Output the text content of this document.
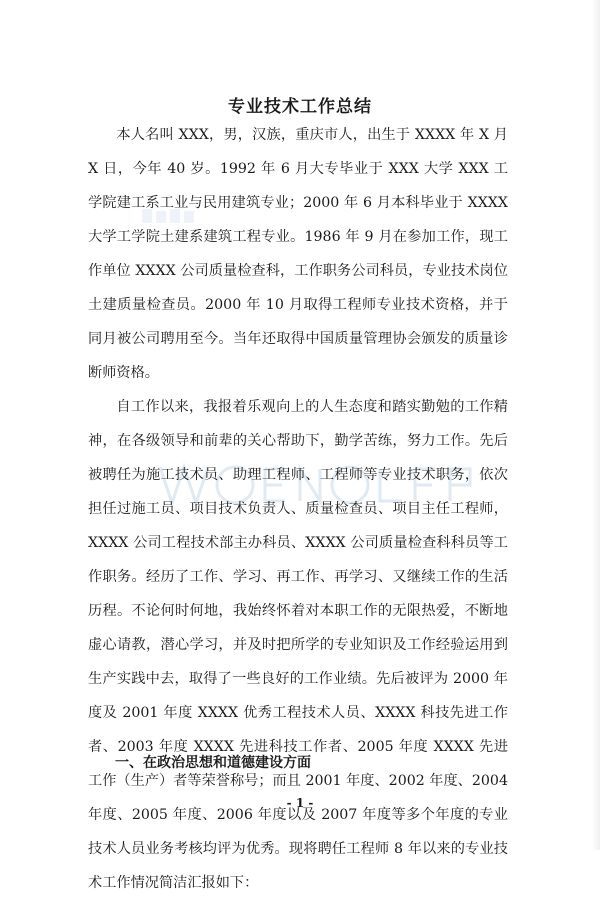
专业技术工作总结

本人名叫 XXX，男，汉族，重庆市人，出生于 XXXX 年 X 月 X 日，今年 40 岁。1992 年 6 月大专毕业于 XXX 大学 XXX 工学院建工系工业与民用建筑专业；2000 年 6 月本科毕业于 XXXX 大学工学院土建系建筑工程专业。1986 年 9 月在参加工作，现工作单位 XXXX 公司质量检查科，工作职务公司科员，专业技术岗位土建质量检查员。2000 年 10 月取得工程师专业技术资格，并于同月被公司聘用至今。当年还取得中国质量管理协会颁发的质量诊断师资格。

自工作以来，我报着乐观向上的人生态度和踏实勤勉的工作精神，在各级领导和前辈的关心帮助下，勤学苦练，努力工作。先后被聘任为施工技术员、助理工程师、工程师等专业技术职务，依次担任过施工员、项目技术负责人、质量检查员、项目主任工程师，XXXX 公司工程技术部主办科员、XXXX 公司质量检查科科员等工作职务。经历了工作、学习、再工作、再学习、又继续工作的生活历程。不论何时何地，我始终怀着对本职工作的无限热爱，不断地虚心请教，潜心学习，并及时把所学的专业知识及工作经验运用到生产实践中去，取得了一些良好的工作业绩。先后被评为 2000 年度及 2001 年度 XXXX 优秀工程技术人员、XXXX 科技先进工作者、2003 年度 XXXX 先进科技工作者、2005 年度 XXXX 先进工作（生产）者等荣誉称号；而且 2001 年度、2002 年度、2004 年度、2005 年度、2006 年度以及 2007 年度等多个年度的专业技术人员业务考核均评为优秀。现将聘任工程师 8 年以来的专业技术工作情况简洁汇报如下：

一、在政治思想和道德建设方面
- 1 -
